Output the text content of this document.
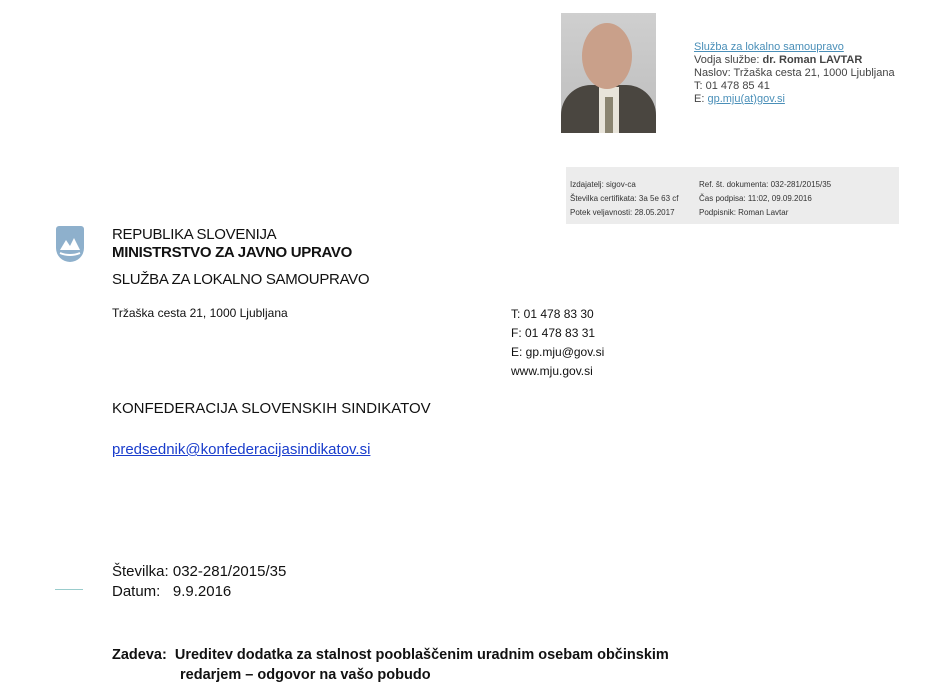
Služba za lokalno samoupravo
Vodja službe: dr. Roman LAVTAR
Naslov: Tržaška cesta 21, 1000 Ljubljana
T: 01 478 85 41
E: gp.mju(at)gov.si
Izdajatelj: sigov-ca
Številka certifikata: 3a 5e 63 cf
Potek veljavnosti: 28.05.2017
Ref. št. dokumenta: 032-281/2015/35
Čas podpisa: 11:02, 09.09.2016
Podpisnik: Roman Lavtar
REPUBLIKA SLOVENIJA
MINISTRSTVO ZA JAVNO UPRAVO
SLUŽBA ZA LOKALNO SAMOUPRAVO
Tržaška cesta 21, 1000 Ljubljana	T: 01 478 83 30
F: 01 478 83 31
E: gp.mju@gov.si
www.mju.gov.si
KONFEDERACIJA SLOVENSKIH SINDIKATOV
predsednik@konfederacijasindikatov.si
Številka: 032-281/2015/35
Datum: 9.9.2016
Zadeva: Ureditev dodatka za stalnost pooblaščenim uradnim osebam občinskim
redarjem – odgovor na vašo pobudo
